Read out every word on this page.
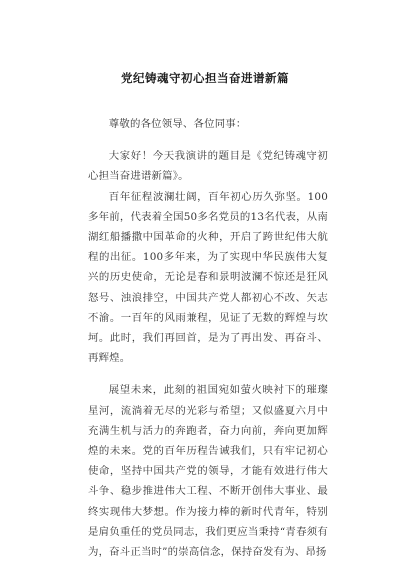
党纪铸魂守初心担当奋进谱新篇

尊敬的各位领导、各位同事：

大家好！今天我演讲的题目是《党纪铸魂守初心担当奋进谱新篇》。

百年征程波澜壮阔，百年初心历久弥坚。100多年前，代表着全国50多名党员的13名代表，从南湖红船播撒中国革命的火种，开启了跨世纪伟大航程的出征。100多年来，为了实现中华民族伟大复兴的历史使命，无论是春和景明波澜不惊还是狂风怒号、浊浪排空，中国共产党人都初心不改、矢志不渝。一百年的风雨兼程，见证了无数的辉煌与坎坷。此时，我们再回首，是为了再出发、再奋斗、再辉煌。

展望未来，此刻的祖国宛如萤火映衬下的璀璨星河，流淌着无尽的光彩与希望；又似盛夏六月中充满生机与活力的奔跑者，奋力向前，奔向更加辉煌的未来。党的百年历程告诫我们，只有牢记初心使命，坚持中国共产党的领导，才能有效进行伟大斗争、稳步推进伟大工程、不断开创伟大事业、最终实现伟大梦想。作为接力棒的新时代青年，特别是肩负重任的党员同志，我们更应当秉持“青春须有为，奋斗正当时”的崇高信念，保持奋发有为、昂扬
